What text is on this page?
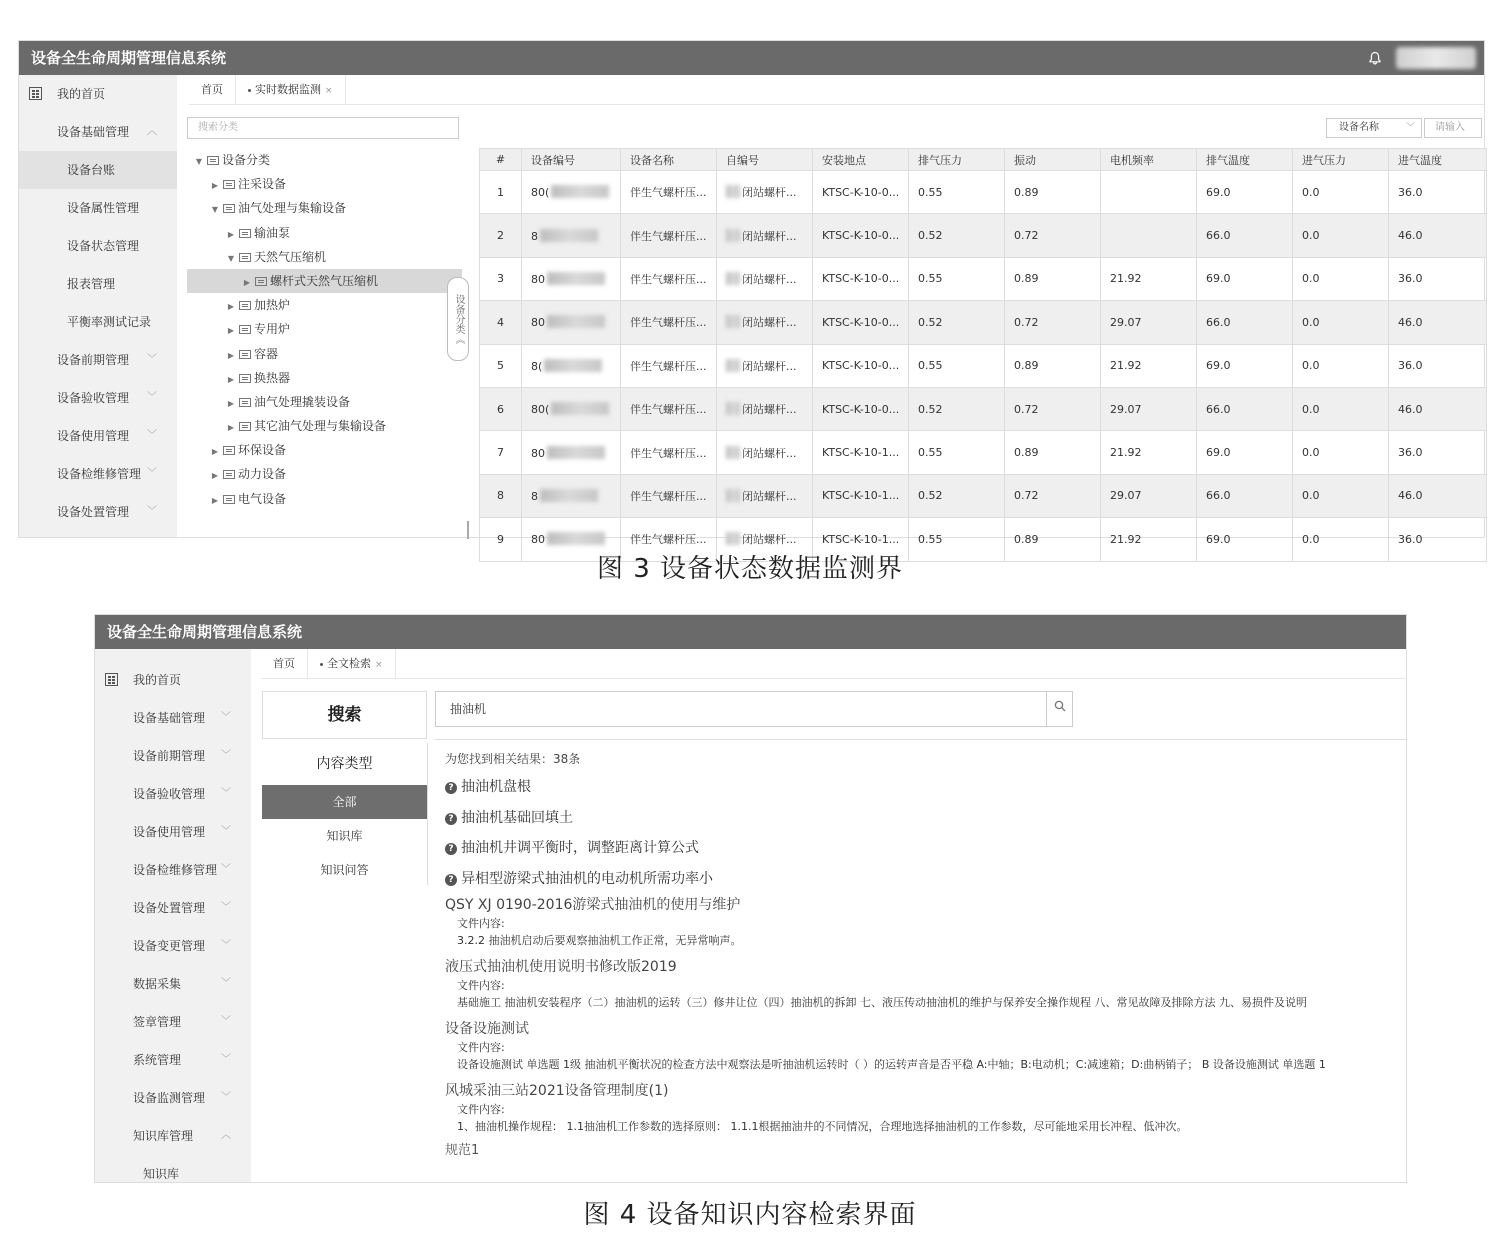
设备全生命周期管理信息系统
我的首页
设备基础管理 ︿
设备台账
设备属性管理
设备状态管理
报表管理
平衡率测试记录
设备前期管理 ﹀
设备验收管理 ﹀
设备使用管理 ﹀
设备检维修管理 ﹀
设备处置管理 ﹀
首页	实时数据监测 ×
搜索分类
▼ 设备分类
▶ 注采设备
▼ 油气处理与集输设备
▶ 输油泵
▼ 天然气压缩机
▶ 螺杆式天然气压缩机
▶ 加热炉
▶ 专用炉
▶ 容器
▶ 换热器
▶ 油气处理撬装设备
▶ 其它油气处理与集输设备
▶ 环保设备
▶ 动力设备
▶ 电气设备
设备分类《
设备名称	﹀	请输入
#	设备编号	设备名称	自编号	安装地点	排气压力	振动	电机频率	排气温度	进气压力	进气温度
1	80(	伴生气螺杆压...	闭站螺杆...	KTSC-K-10-0...	0.55	0.89		69.0	0.0	36.0
2	8	伴生气螺杆压...	闭站螺杆...	KTSC-K-10-0...	0.52	0.72		66.0	0.0	46.0
3	80	伴生气螺杆压...	闭站螺杆...	KTSC-K-10-0...	0.55	0.89	21.92	69.0	0.0	36.0
4	80	伴生气螺杆压...	闭站螺杆...	KTSC-K-10-0...	0.52	0.72	29.07	66.0	0.0	46.0
5	8(	伴生气螺杆压...	闭站螺杆...	KTSC-K-10-0...	0.55	0.89	21.92	69.0	0.0	36.0
6	80(	伴生气螺杆压...	闭站螺杆...	KTSC-K-10-0...	0.52	0.72	29.07	66.0	0.0	46.0
7	80	伴生气螺杆压...	闭站螺杆...	KTSC-K-10-1...	0.55	0.89	21.92	69.0	0.0	36.0
8	8	伴生气螺杆压...	闭站螺杆...	KTSC-K-10-1...	0.52	0.72	29.07	66.0	0.0	46.0
9	80	伴生气螺杆压...	闭站螺杆...	KTSC-K-10-1...	0.55	0.89	21.92	69.0	0.0	36.0
图 3 设备状态数据监测界
设备全生命周期管理信息系统
我的首页
设备基础管理 ﹀
设备前期管理 ﹀
设备验收管理 ﹀
设备使用管理 ﹀
设备检维修管理 ﹀
设备处置管理 ﹀
设备变更管理 ﹀
数据采集	﹀
签章管理	﹀
系统管理	﹀
设备监测管理 ﹀
知识库管理	︿
知识库
首页	全文检索 ×
搜索	抽油机
内容类型
全部
知识库
知识问答
为您找到相关结果：38条
? 抽油机盘根
? 抽油机基础回填土
? 抽油机井调平衡时，调整距离计算公式
? 异相型游梁式抽油机的电动机所需功率小
QSY XJ 0190-2016游梁式抽油机的使用与维护
文件内容:
3.2.2 抽油机启动后要观察抽油机工作正常，无异常响声。
液压式抽油机使用说明书修改版2019
文件内容:
基础施工 抽油机安装程序（二）抽油机的运转（三）修井让位（四）抽油机的拆卸 七、液压传动抽油机的维护与保养安全操作规程 八、常见故障及排除方法 九、易损件及说明
设备设施测试
文件内容:
设备设施测试 单选题 1级 抽油机平衡状况的检查方法中观察法是听抽油机运转时（ ）的运转声音是否平稳 A:中轴；B:电动机；C:减速箱；D:曲柄销子； B 设备设施测试 单选题 1
风城采油三站2021设备管理制度(1)
文件内容:
1、抽油机操作规程： 1.1抽油机工作参数的选择原则： 1.1.1根据抽油井的不同情况，合理地选择抽油机的工作参数，尽可能地采用长冲程、低冲次。
规范1
图 4 设备知识内容检索界面
